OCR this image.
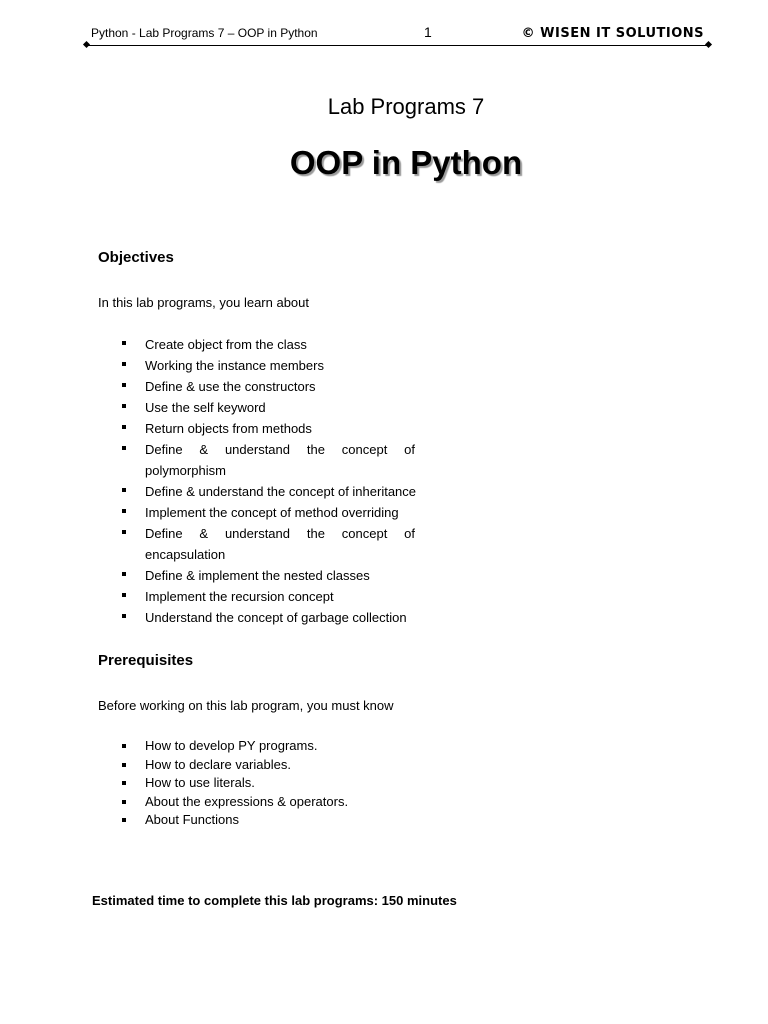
Python - Lab Programs 7 – OOP in Python	1	© WISEN IT SOLUTIONS
Lab Programs 7
OOP in Python
Objectives
In this lab programs, you learn about
Create object from the class
Working the instance members
Define & use the constructors
Use the self keyword
Return objects from methods
Define & understand the concept of polymorphism
Define & understand the concept of inheritance
Implement the concept of method overriding
Define & understand the concept of encapsulation
Define & implement the nested classes
Implement the recursion concept
Understand the concept of garbage collection
Prerequisites
Before working on this lab program, you must know
How to develop PY programs.
How to declare variables.
How to use literals.
About the expressions & operators.
About Functions
Estimated time to complete this lab programs: 150 minutes
